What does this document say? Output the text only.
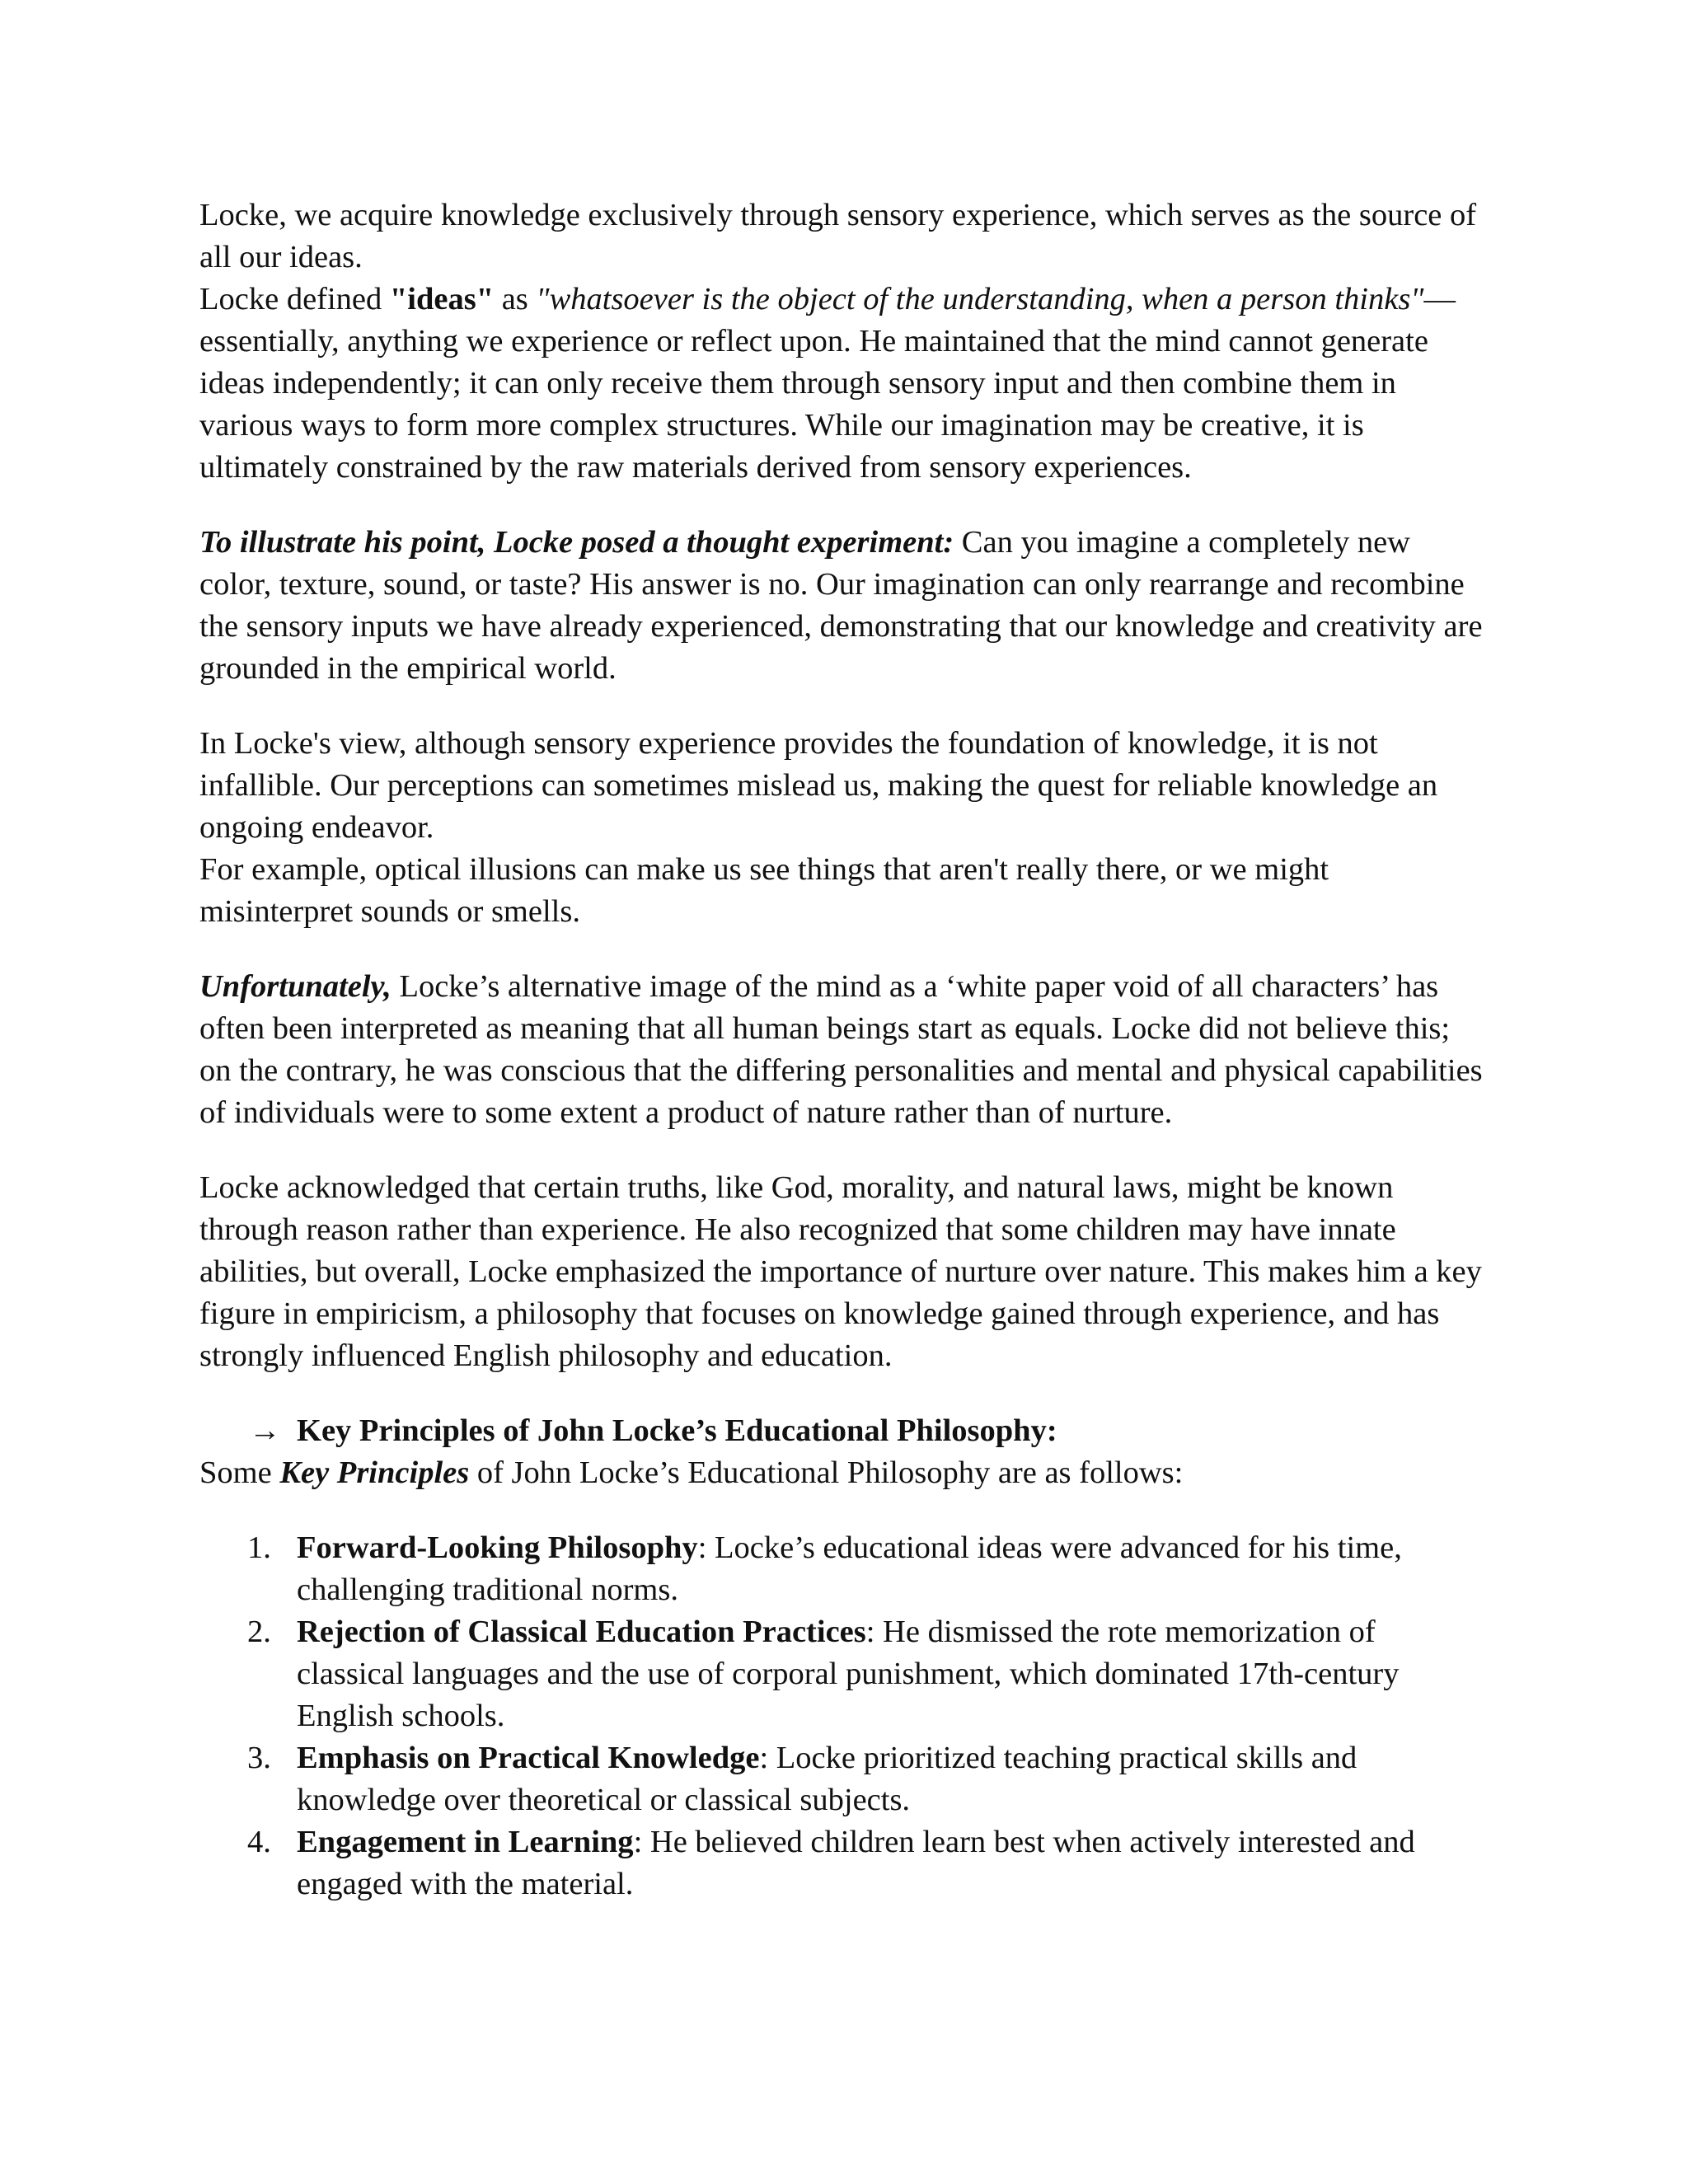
Locke, we acquire knowledge exclusively through sensory experience, which serves as the source of all our ideas.

Locke defined "ideas" as "whatsoever is the object of the understanding, when a person thinks"—essentially, anything we experience or reflect upon. He maintained that the mind cannot generate ideas independently; it can only receive them through sensory input and then combine them in various ways to form more complex structures. While our imagination may be creative, it is ultimately constrained by the raw materials derived from sensory experiences.

To illustrate his point, Locke posed a thought experiment: Can you imagine a completely new color, texture, sound, or taste? His answer is no. Our imagination can only rearrange and recombine the sensory inputs we have already experienced, demonstrating that our knowledge and creativity are grounded in the empirical world.

In Locke's view, although sensory experience provides the foundation of knowledge, it is not infallible. Our perceptions can sometimes mislead us, making the quest for reliable knowledge an ongoing endeavor.

For example, optical illusions can make us see things that aren't really there, or we might misinterpret sounds or smells.

Unfortunately, Locke’s alternative image of the mind as a ‘white paper void of all characters’ has often been interpreted as meaning that all human beings start as equals. Locke did not believe this; on the contrary, he was conscious that the differing personalities and mental and physical capabilities of individuals were to some extent a product of nature rather than of nurture.

Locke acknowledged that certain truths, like God, morality, and natural laws, might be known through reason rather than experience. He also recognized that some children may have innate abilities, but overall, Locke emphasized the importance of nurture over nature. This makes him a key figure in empiricism, a philosophy that focuses on knowledge gained through experience, and has strongly influenced English philosophy and education.

→ Key Principles of John Locke’s Educational Philosophy:

Some Key Principles of John Locke’s Educational Philosophy are as follows:

1. Forward-Looking Philosophy: Locke’s educational ideas were advanced for his time, challenging traditional norms.
2. Rejection of Classical Education Practices: He dismissed the rote memorization of classical languages and the use of corporal punishment, which dominated 17th-century English schools.
3. Emphasis on Practical Knowledge: Locke prioritized teaching practical skills and knowledge over theoretical or classical subjects.
4. Engagement in Learning: He believed children learn best when actively interested and engaged with the material.
